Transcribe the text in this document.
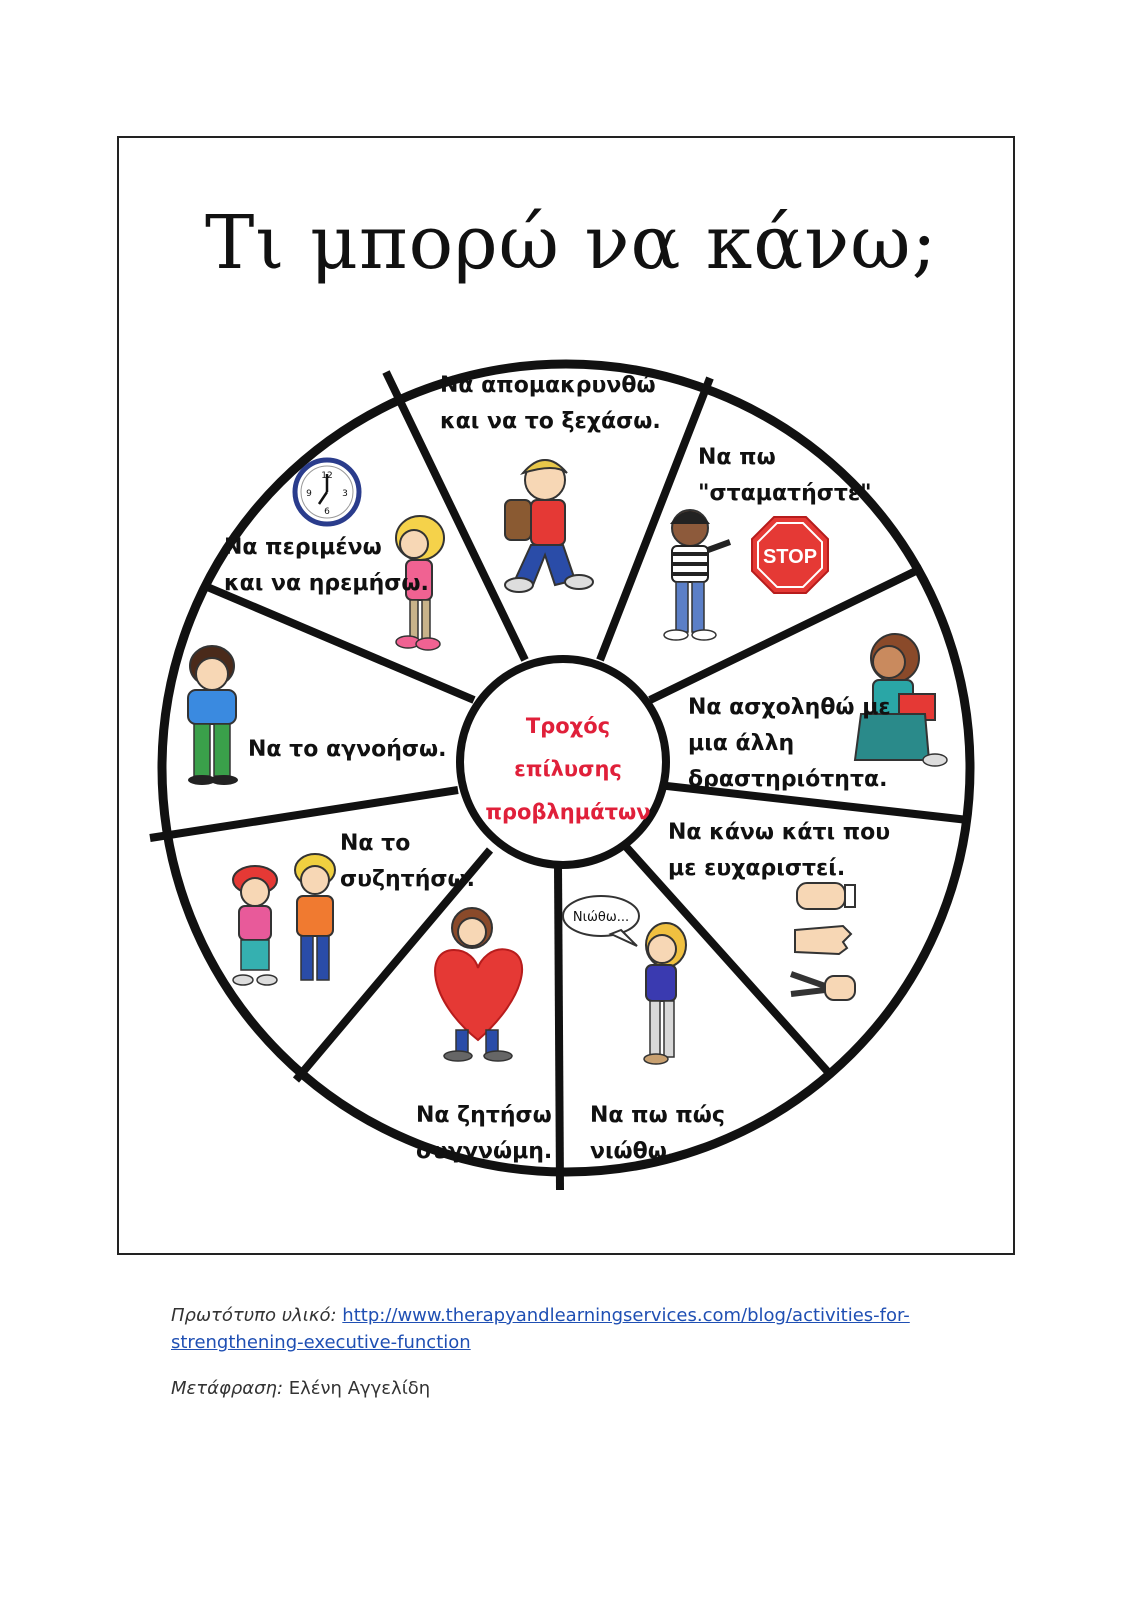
Τι μπορώ να κάνω;
12
3
6
9
STOP
Νιώθω...
Να απομακρυνθώ
και να το ξεχάσω.
Να πω
"σταματήστε"
Να ασχοληθώ με
μια άλλη
δραστηριότητα.
Να κάνω κάτι που
με ευχαριστεί.
Να πω πώς
νιώθω.
Να ζητήσω
συγγνώμη.
Να το
συζητήσω.
Να το αγνοήσω.
Να περιμένω
και να ηρεμήσω.
Τροχός
επίλυσης
προβλημάτων
Πρωτότυπο υλικό: http://www.therapyandlearningservices.com/blog/activities-for-
strengthening-executive-function
Μετάφραση: Ελένη Αγγελίδη
